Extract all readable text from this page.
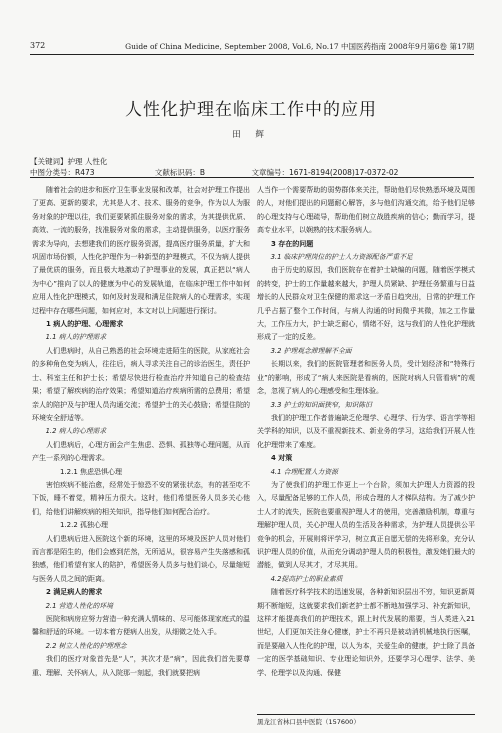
372	Guide of China Medicine, September 2008, Vol.6, No.17 中国医药指南 2008年9月第6卷 第17期
人性化护理在临床工作中的应用
田 辉
【关键词】护理 人性化
中图分类号：R473	文献标识码：B	文章编号：1671-8194(2008)17-0372-02

随着社会的进步和医疗卫生事业发展和改革，社会对护理工作提出了更高、更新的要求，尤其是人才、技术、服务的竞争，作为以人为服务对象的护理以往，我们更要紧抓住服务对象的需求，为其提供优质、高效、一流的服务，找准服务对象的需求，主动提供服务，以医疗服务需求为导向，去想建我们的医疗服务资源，提高医疗服务质量，扩大和巩固市场份额，人性化护理作为一种新型的护理模式，不仅为病人提供了最优质的服务，而且极大地激动了护理事业的发展，真正把以“病人为中心”推向了以人的健康为中心的发展轨道，在临床护理工作中如何应用人性化护理模式，如何及时发现和满足住院病人的心理需求，实现过程中存在哪些问题，如何应对，本文对以上问题进行探讨。

1 病人的护理、心理需求

1.1 病人的护理需求

人们患病时，从自己熟悉的社会环境走进陌生的医院，从家庭社会的多种角色变为病人，往往后，病人寻求关注自己的诊治医生，责任护士、科室主任和护士长；希望尽快进行检查治疗并知道自己的检查结果；希望了解疾病的治疗效果；希望知道治疗疾病所需的总费用；希望亲人的陪护及与护理人员沟通交流；希望护士的关心鼓励；希望住院的环境安全舒适等。

1.2 病人的心理需求

人们患病后，心理方面会产生焦虑、恐惧、孤独等心理问题，从而产生一系列的心理需求。

1.2.1 焦虑恐惧心理

害怕疾病不能治愈，经常处于惊恐不安的紧张状态，有的甚至吃不下饭，睡不着觉，精神压力很大。这时，他们希望医务人员多关心他们，给他们讲解疾病的相关知识，指导他们如何配合治疗。

1.2.2 孤独心理

人们患病后进入医院这个新的环境，这里的环境及医护人员对他们而言都是陌生的，他们会感到茫然，无所适从，很容易产生失落感和孤独感，他们希望有家人的陪护，希望医务人员多与他们谈心，尽量缩短与医务人员之间的距离。

2 满足病人的需求

2.1 营造人性化的环境

医院和病房应努力营造一种充满人情味的、尽可能体现家庭式的温馨和舒适的环境。一切本着方便病人出发，从细微之处入手。

2.2 树立人性化的护理理念

我们的医疗对象首先是“人”，其次才是“病”，因此我们首先要尊重、理解、关怀病人，从入院那一刻起，我们就要把病

人当作一个需要帮助的弱势群体来关注，帮助他们尽快熟悉环境及周围的人，对他们提出的问题耐心解答，多与他们沟通交流，给予他们足够的心理支持与心理疏导，帮助他们树立战胜疾病的信心；勤而学习，提高专业水平，以娴熟的技术服务病人。

3 存在的问题

3.1 临床护理岗位的护士人力资源配备严重不足

由于历史的原因，我们医院存在着护士缺编的问题，随着医学模式的转变，护士的工作量越来越大，护理人员紧缺、护理任务繁重与日益增长的人民群众对卫生保健的需求这一矛盾日趋突出，日常的护理工作几乎占据了整个工作时间，与病人沟通的时间微乎其微，加之工作量大，工作压力大，护士缺乏耐心，情绪不好，这与我们的人性化护理就形成了一定的反差。

3.2 护理观念滞理解不全面

长期以来，我们的医院管理者和医务人员，受计划经济和“特殊行业”的影响，形成了“病人来医院是看病的，医院对病人只管看病”的观念，忽视了病人的心理感受和生理体验。

3.3 护士的知识面狭窄，知识陈旧

我们的护理工作者普遍缺乏伦理学、心理学、行为学、语言学等相关学科的知识，以及不重视新技术、新业务的学习，这给我们开展人性化护理带来了难度。

4 对策

4.1 合理配置人力资源

为了使我们的护理工作更上一个台阶，须加大护理人力资源的投入，尽量配备足够的工作人员，形成合理的人才梯队结构。为了减少护士人才的流失，医院也要重视护理人才的使用，完善激励机制，尊重与理解护理人员，关心护理人员的生活及各种需求，为护理人员提供公平竞争的机会，开展则将评学习，树立真正自愿无偿的先将形象，充分认识护理人员的价值，从而充分调动护理人员的积极性，激发她们最大的潜能，做到人尽其才，才尽其用。

4.2提高护士的职业素质

随着医疗科学技术的迅速发展，各种新知识层出不穷，知识更新周期不断缩短，这就要求我们新老护士都不断地加强学习、补充新知识，这样才能提高我们的护理技术，跟上时代发展的需要，当人类进入21世纪，人们更加关注身心健康，护士不再只是被动消机械地执行医嘱，而是要融入人性化的护理，以人为本，关爱生命的健康，护士除了具备一定的医学基础知识、专业理论知识外，还要学习心理学、法学、美学、伦理学以及沟通、保健

黑龙江省林口县中医院（157600）
